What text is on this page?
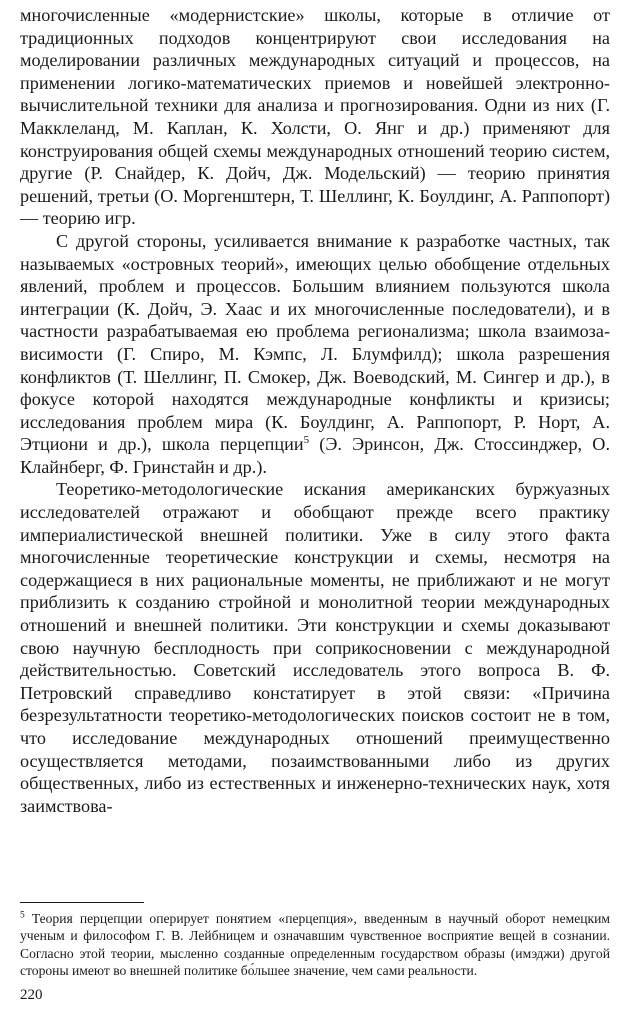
многочисленные «модернистские» школы, которые в отличие от традиционных подходов концентрируют свои исследования на моделировании различных международных ситуаций и процессов, на применении логико-математических приемов и новейшей электронно-вычислительной техники для анализа и прогнозирования. Одни из них (Г. Макклеланд, М. Каплан, К. Холсти, О. Янг и др.) применяют для конструирования общей схемы международных отношений теорию систем, другие (Р. Снайдер, К. Дойч, Дж. Модельский) — теорию принятия решений, третьи (О. Моргенштерн, Т. Шеллинг, К. Боулдинг, А. Раппопорт) — теорию игр.

С другой стороны, усиливается внимание к разработке частных, так называемых «островных теорий», имеющих целью обобщение отдельных явлений, проблем и процессов. Большим влиянием пользуются школа интеграции (К. Дойч, Э. Хаас и их многочисленные последователи), и в частности разрабатываемая ею проблема регионализма; школа взаимозависимости (Г. Спиро, М. Кэмпс, Л. Блумфилд); школа разрешения конфликтов (Т. Шеллинг, П. Смокер, Дж. Воеводский, М. Сингер и др.), в фокусе которой находятся международные конфликты и кризисы; исследования проблем мира (К. Боулдинг, А. Раппопорт, Р. Норт, А. Этциони и др.), школа перцепции$^5$ (Э. Эринсон, Дж. Стоссинджер, О. Клайнберг, Ф. Гринстайн и др.).

Теоретико-методологические искания американских буржуазных исследователей отражают и обобщают прежде всего практику империалистической внешней политики. Уже в силу этого факта многочисленные теоретические конструкции и схемы, несмотря на содержащиеся в них рациональные моменты, не приближают и не могут приблизить к созданию стройной и монолитной теории международных отношений и внешней политики. Эти конструкции и схемы доказывают свою научную бесплодность при соприкосновении с международной действительностью. Советский исследователь этого вопроса В. Ф. Петровский справедливо констатирует в этой связи: «Причина безрезультатности теоретико-методологических поисков состоит не в том, что исследование международных отношений преимущественно осуществляется методами, позаимствованными либо из других общественных, либо из естественных и инженерно-технических наук, хотя заимствова-

$^5$ Теория перцепции оперирует понятием «перцепция», введенным в научный оборот немецким ученым и философом Г. В. Лейбницем и означавшим чувственное восприятие вещей в сознании. Согласно этой теории, мысленно созданные определенным государством образы (имэджи) другой стороны имеют во внешней политике бо́льшее значение, чем сами реальности.

220
